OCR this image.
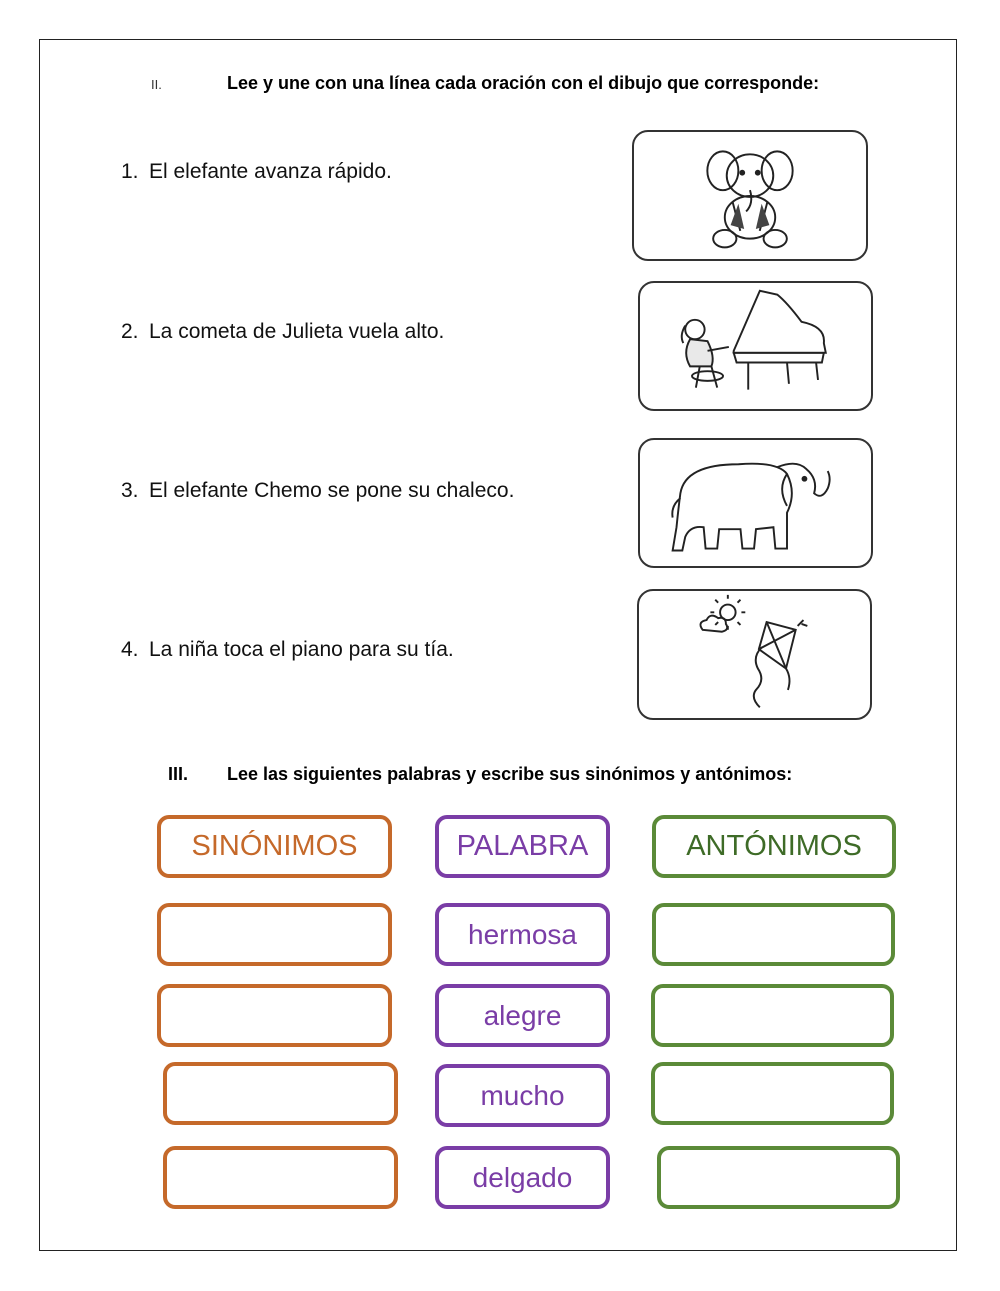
II.	Lee y une con una línea cada oración con el dibujo que corresponde:
1. El elefante avanza rápido.
2. La cometa de Julieta vuela alto.
3. El elefante Chemo se pone su chaleco.
4. La niña toca el piano para su tía.
III. Lee las siguientes palabras y escribe sus sinónimos y antónimos:
SINÓNIMOS	PALABRA	ANTÓNIMOS
hermosa
alegre
mucho
delgado
